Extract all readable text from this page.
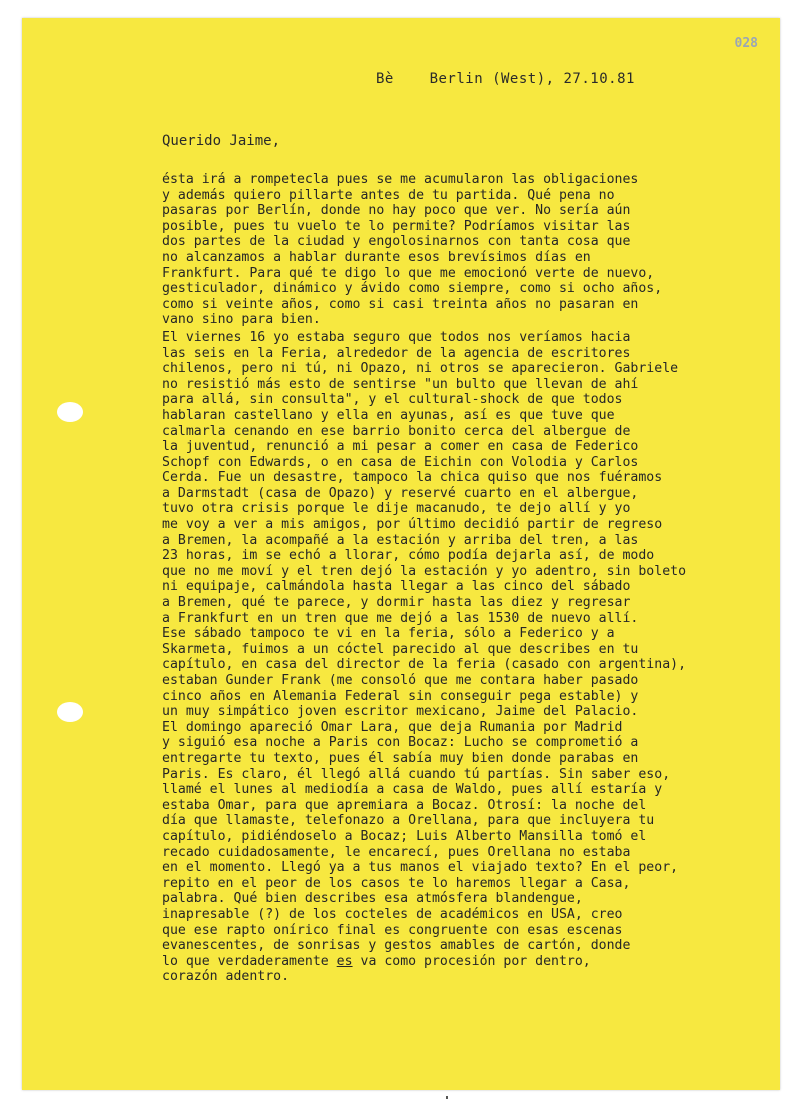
028
Bè    Berlin (West), 27.10.81
Querido Jaime,
ésta irá a rompetecla pues se me acumularon las obligaciones
y además quiero pillarte antes de tu partida. Qué pena no
pasaras por Berlín, donde no hay poco que ver. No sería aún
posible, pues tu vuelo te lo permite? Podríamos visitar las
dos partes de la ciudad y engolosinarnos con tanta cosa que
no alcanzamos a hablar durante esos brevísimos días en
Frankfurt. Para qué te digo lo que me emocionó verte de nuevo,
gesticulador, dinámico y ávido como siempre, como si ocho años,
como si veinte años, como si casi treinta años no pasaran en
vano sino para bien.
El viernes 16 yo estaba seguro que todos nos veríamos hacia
las seis en la Feria, alrededor de la agencia de escritores
chilenos, pero ni tú, ni Opazo, ni otros se aparecieron. Gabriele
no resistió más esto de sentirse "un bulto que llevan de ahí
para allá, sin consulta", y el cultural-shock de que todos
hablaran castellano y ella en ayunas, así es que tuve que
calmarla cenando en ese barrio bonito cerca del albergue de
la juventud, renunció a mi pesar a comer en casa de Federico
Schopf con Edwards, o en casa de Eichin con Volodia y Carlos
Cerda. Fue un desastre, tampoco la chica quiso que nos fuéramos
a Darmstadt (casa de Opazo) y reservé cuarto en el albergue,
tuvo otra crisis porque le dije macanudo, te dejo allí y yo
me voy a ver a mis amigos, por último decidió partir de regreso
a Bremen, la acompañé a la estación y arriba del tren, a las
23 horas, im se echó a llorar, cómo podía dejarla así, de modo
que no me moví y el tren dejó la estación y yo adentro, sin boleto
ni equipaje, calmándola hasta llegar a las cinco del sábado
a Bremen, qué te parece, y dormir hasta las diez y regresar
a Frankfurt en un tren que me dejó a las 1530 de nuevo allí.
Ese sábado tampoco te vi en la feria, sólo a Federico y a
Skarmeta, fuimos a un cóctel parecido al que describes en tu
capítulo, en casa del director de la feria (casado con argentina),
estaban Gunder Frank (me consoló que me contara haber pasado
cinco años en Alemania Federal sin conseguir pega estable) y
un muy simpático joven escritor mexicano, Jaime del Palacio.
El domingo apareció Omar Lara, que deja Rumania por Madrid
y siguió esa noche a Paris con Bocaz: Lucho se comprometió a
entregarte tu texto, pues él sabía muy bien donde parabas en
Paris. Es claro, él llegó allá cuando tú partías. Sin saber eso,
llamé el lunes al mediodía a casa de Waldo, pues allí estaría y
estaba Omar, para que apremiara a Bocaz. Otrosí: la noche del
día que llamaste, telefonazo a Orellana, para que incluyera tu
capítulo, pidiéndoselo a Bocaz; Luis Alberto Mansilla tomó el
recado cuidadosamente, le encarecí, pues Orellana no estaba
en el momento. Llegó ya a tus manos el viajado texto? En el peor,
repito en el peor de los casos te lo haremos llegar a Casa,
palabra. Qué bien describes esa atmósfera blandengue,
inapresable (?) de los cocteles de académicos en USA, creo
que ese rapto onírico final es congruente con esas escenas
evanescentes, de sonrisas y gestos amables de cartón, donde
lo que verdaderamente es va como procesión por dentro,
corazón adentro.
